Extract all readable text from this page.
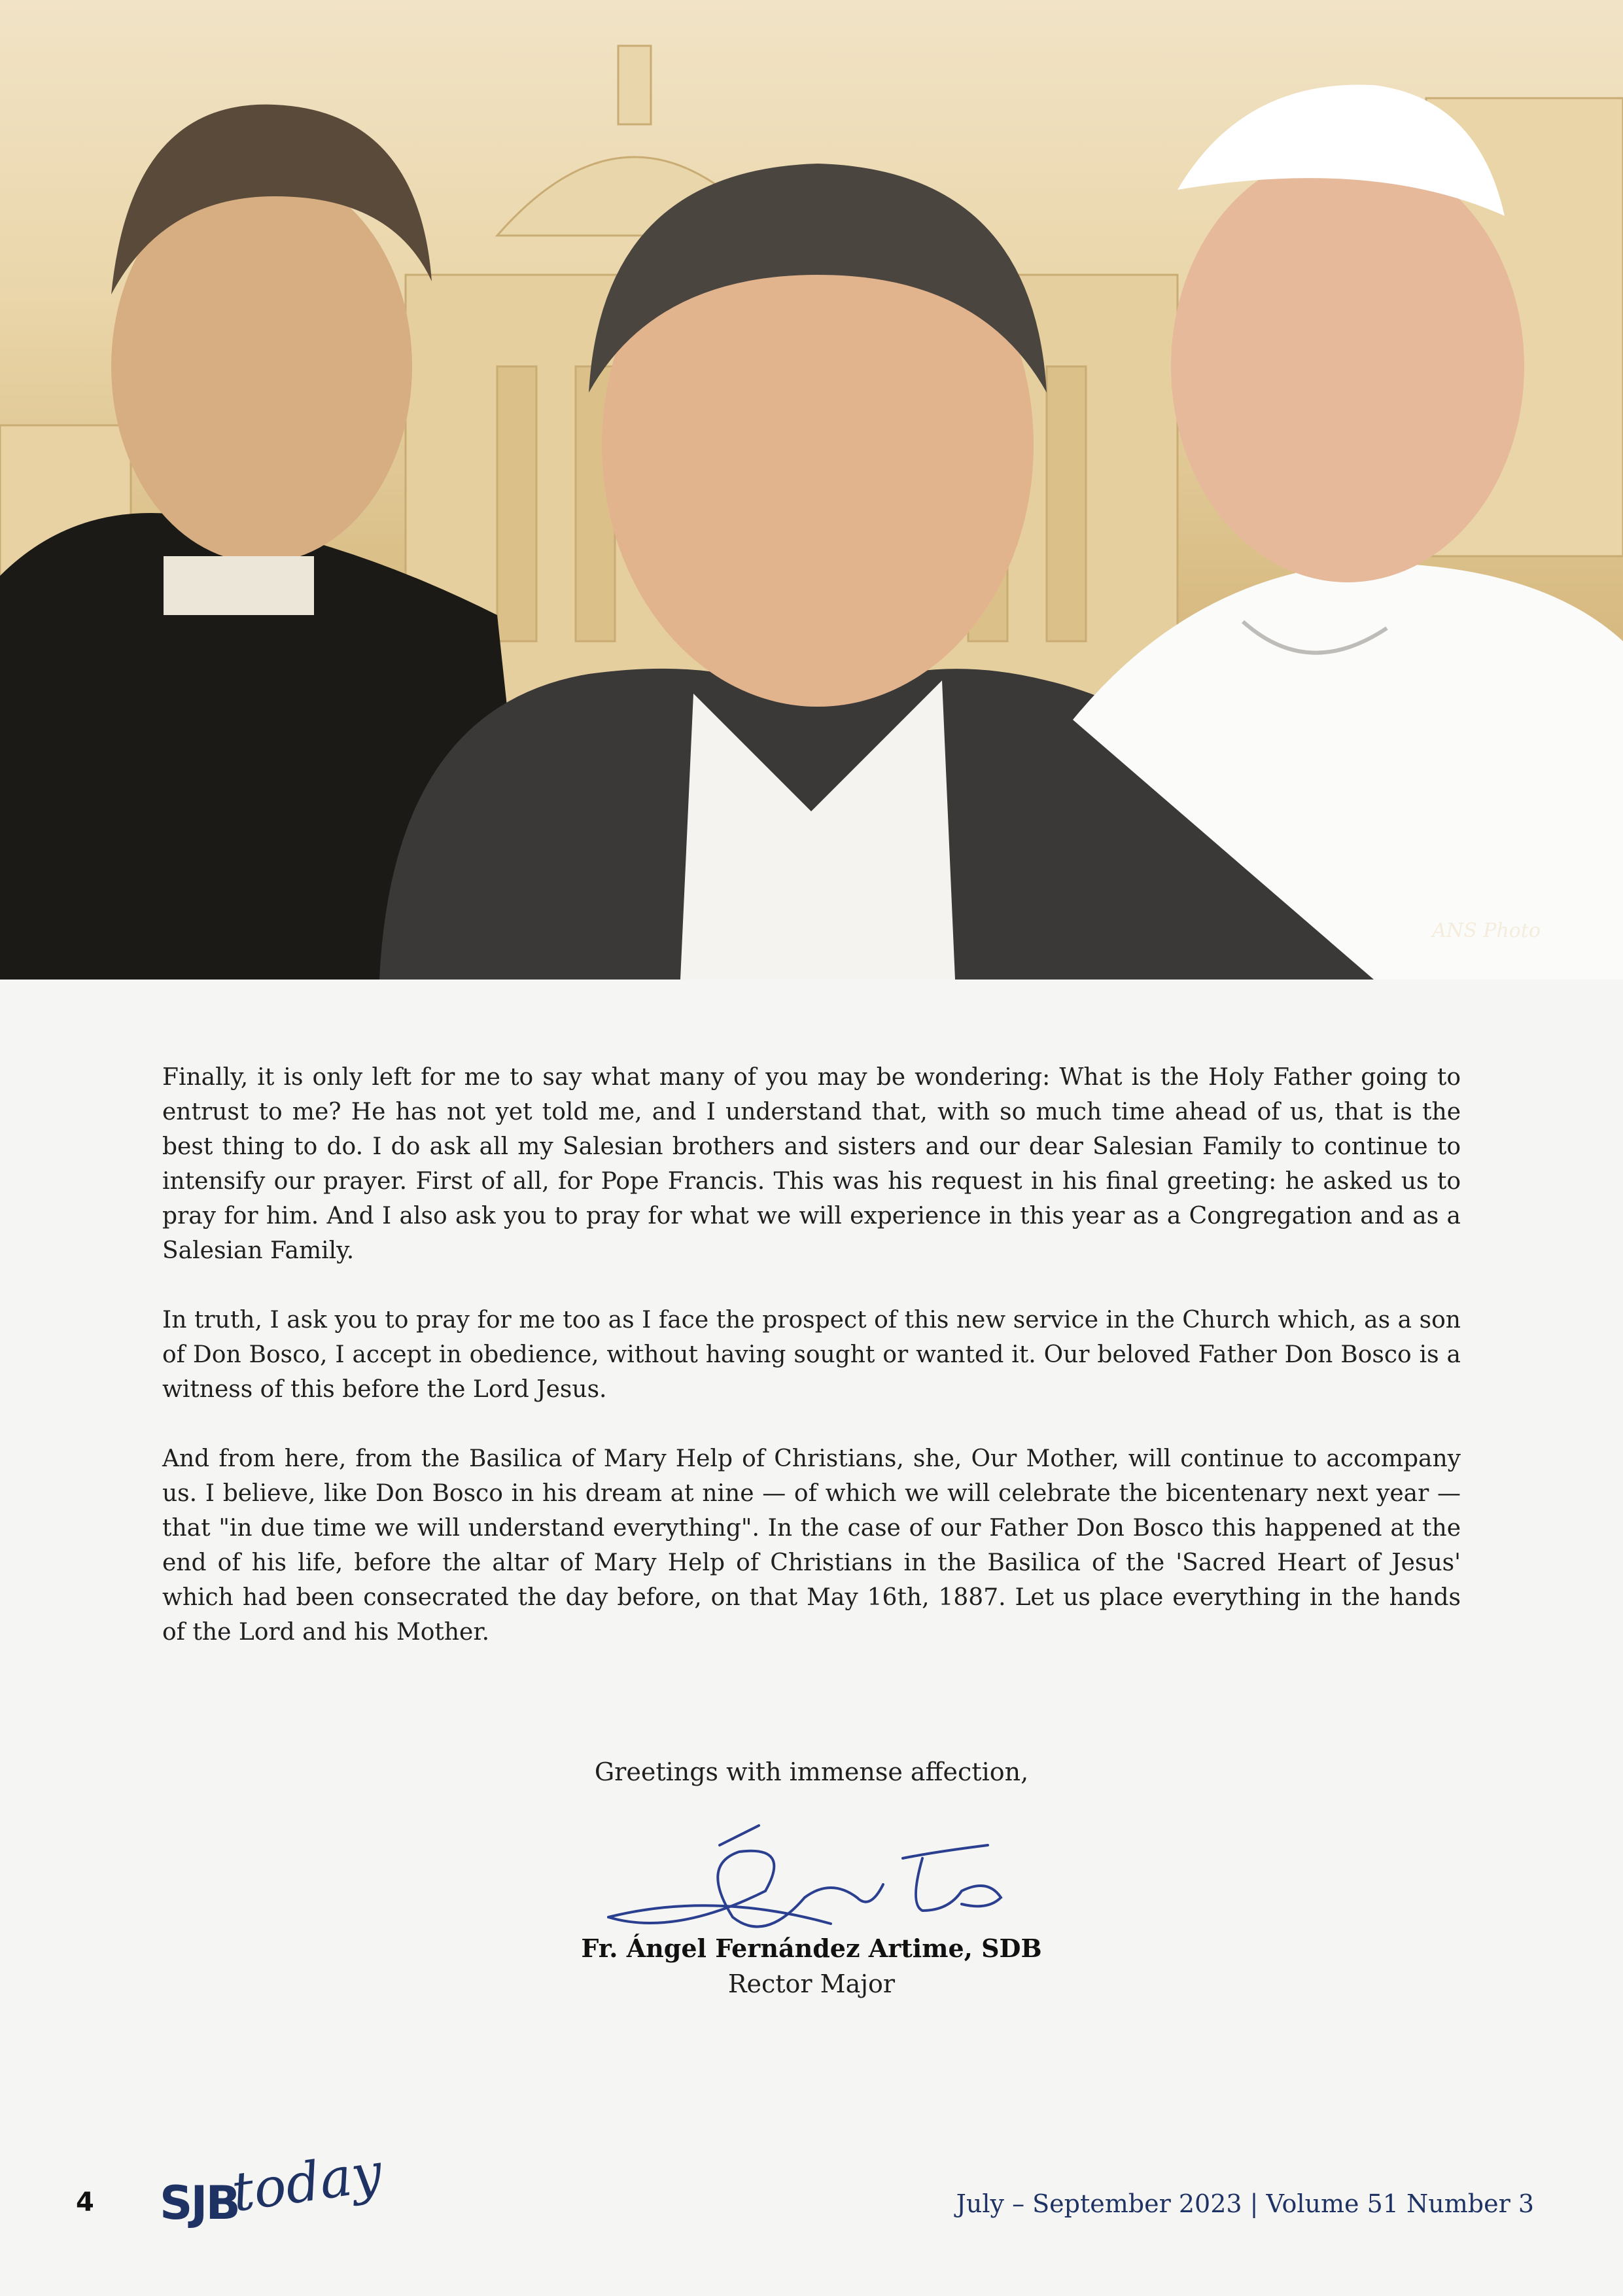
ANS Photo

Finally, it is only left for me to say what many of you may be wondering: What is the Holy Father going to entrust to me? He has not yet told me, and I understand that, with so much time ahead of us, that is the best thing to do. I do ask all my Salesian brothers and sisters and our dear Salesian Family to continue to intensify our prayer. First of all, for Pope Francis. This was his request in his final greeting: he asked us to pray for him. And I also ask you to pray for what we will experience in this year as a Congregation and as a Salesian Family.

In truth, I ask you to pray for me too as I face the prospect of this new service in the Church which, as a son of Don Bosco, I accept in obedience, without having sought or wanted it. Our beloved Father Don Bosco is a witness of this before the Lord Jesus.

And from here, from the Basilica of Mary Help of Christians, she, Our Mother, will continue to accompany us. I believe, like Don Bosco in his dream at nine — of which we will celebrate the bicentenary next year — that "in due time we will understand everything". In the case of our Father Don Bosco this happened at the end of his life, before the altar of Mary Help of Christians in the Basilica of the 'Sacred Heart of Jesus' which had been consecrated the day before, on that May 16th, 1887. Let us place everything in the hands of the Lord and his Mother.

Greetings with immense affection,
Fr. Ángel Fernández Artime, SDB
Rector Major
4 SJB
today	July – September 2023 | Volume 51 Number 3
